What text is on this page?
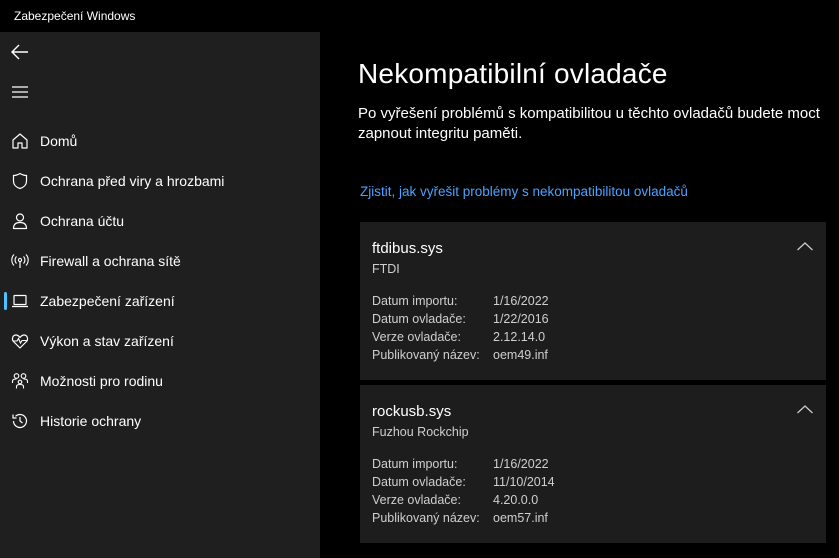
Zabezpečení Windows
Domů
Ochrana před viry a hrozbami
Ochrana účtu
Firewall a ochrana sítě
Zabezpečení zařízení
Výkon a stav zařízení
Možnosti pro rodinu
Historie ochrany
Nekompatibilní ovladače
Po vyřešení problémů s kompatibilitou u těchto ovladačů budete moct zapnout integritu paměti.
Zjistit, jak vyřešit problémy s nekompatibilitou ovladačů
ftdibus.sys
FTDI
Datum importu:	1/16/2022
Datum ovladače: 1/22/2016
Verze ovladače:	2.12.14.0
Publikovaný název: oem49.inf
rockusb.sys
Fuzhou Rockchip
Datum importu:	1/16/2022
Datum ovladače: 11/10/2014
Verze ovladače:	4.20.0.0
Publikovaný název: oem57.inf
